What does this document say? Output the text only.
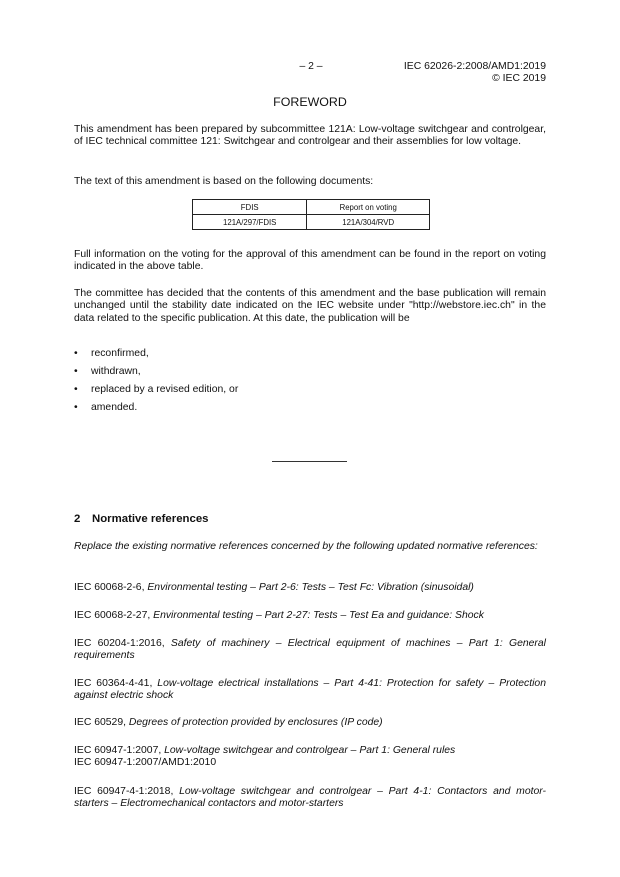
– 2 –	IEC 62026-2:2008/AMD1:2019
© IEC 2019
FOREWORD

This amendment has been prepared by subcommittee 121A: Low-voltage switchgear and controlgear, of IEC technical committee 121: Switchgear and controlgear and their assemblies for low voltage.

The text of this amendment is based on the following documents:

FDIS	Report on voting
121A/297/FDIS	121A/304/RVD

Full information on the voting for the approval of this amendment can be found in the report on voting indicated in the above table.

The committee has decided that the contents of this amendment and the base publication will remain unchanged until the stability date indicated on the IEC website under "http://webstore.iec.ch" in the data related to the specific publication. At this date, the publication will be

• reconfirmed,
• withdrawn,
• replaced by a revised edition, or
• amended.
2 Normative references

Replace the existing normative references concerned by the following updated normative references:

IEC 60068-2-6, Environmental testing – Part 2-6: Tests – Test Fc: Vibration (sinusoidal)

IEC 60068-2-27, Environmental testing – Part 2-27: Tests – Test Ea and guidance: Shock

IEC 60204-1:2016, Safety of machinery – Electrical equipment of machines – Part 1: General requirements

IEC 60364-4-41, Low-voltage electrical installations – Part 4-41: Protection for safety – Protection against electric shock

IEC 60529, Degrees of protection provided by enclosures (IP code)

IEC 60947-1:2007, Low-voltage switchgear and controlgear – Part 1: General rules
IEC 60947-1:2007/AMD1:2010

IEC 60947-4-1:2018, Low-voltage switchgear and controlgear – Part 4-1: Contactors and motor-starters – Electromechanical contactors and motor-starters
